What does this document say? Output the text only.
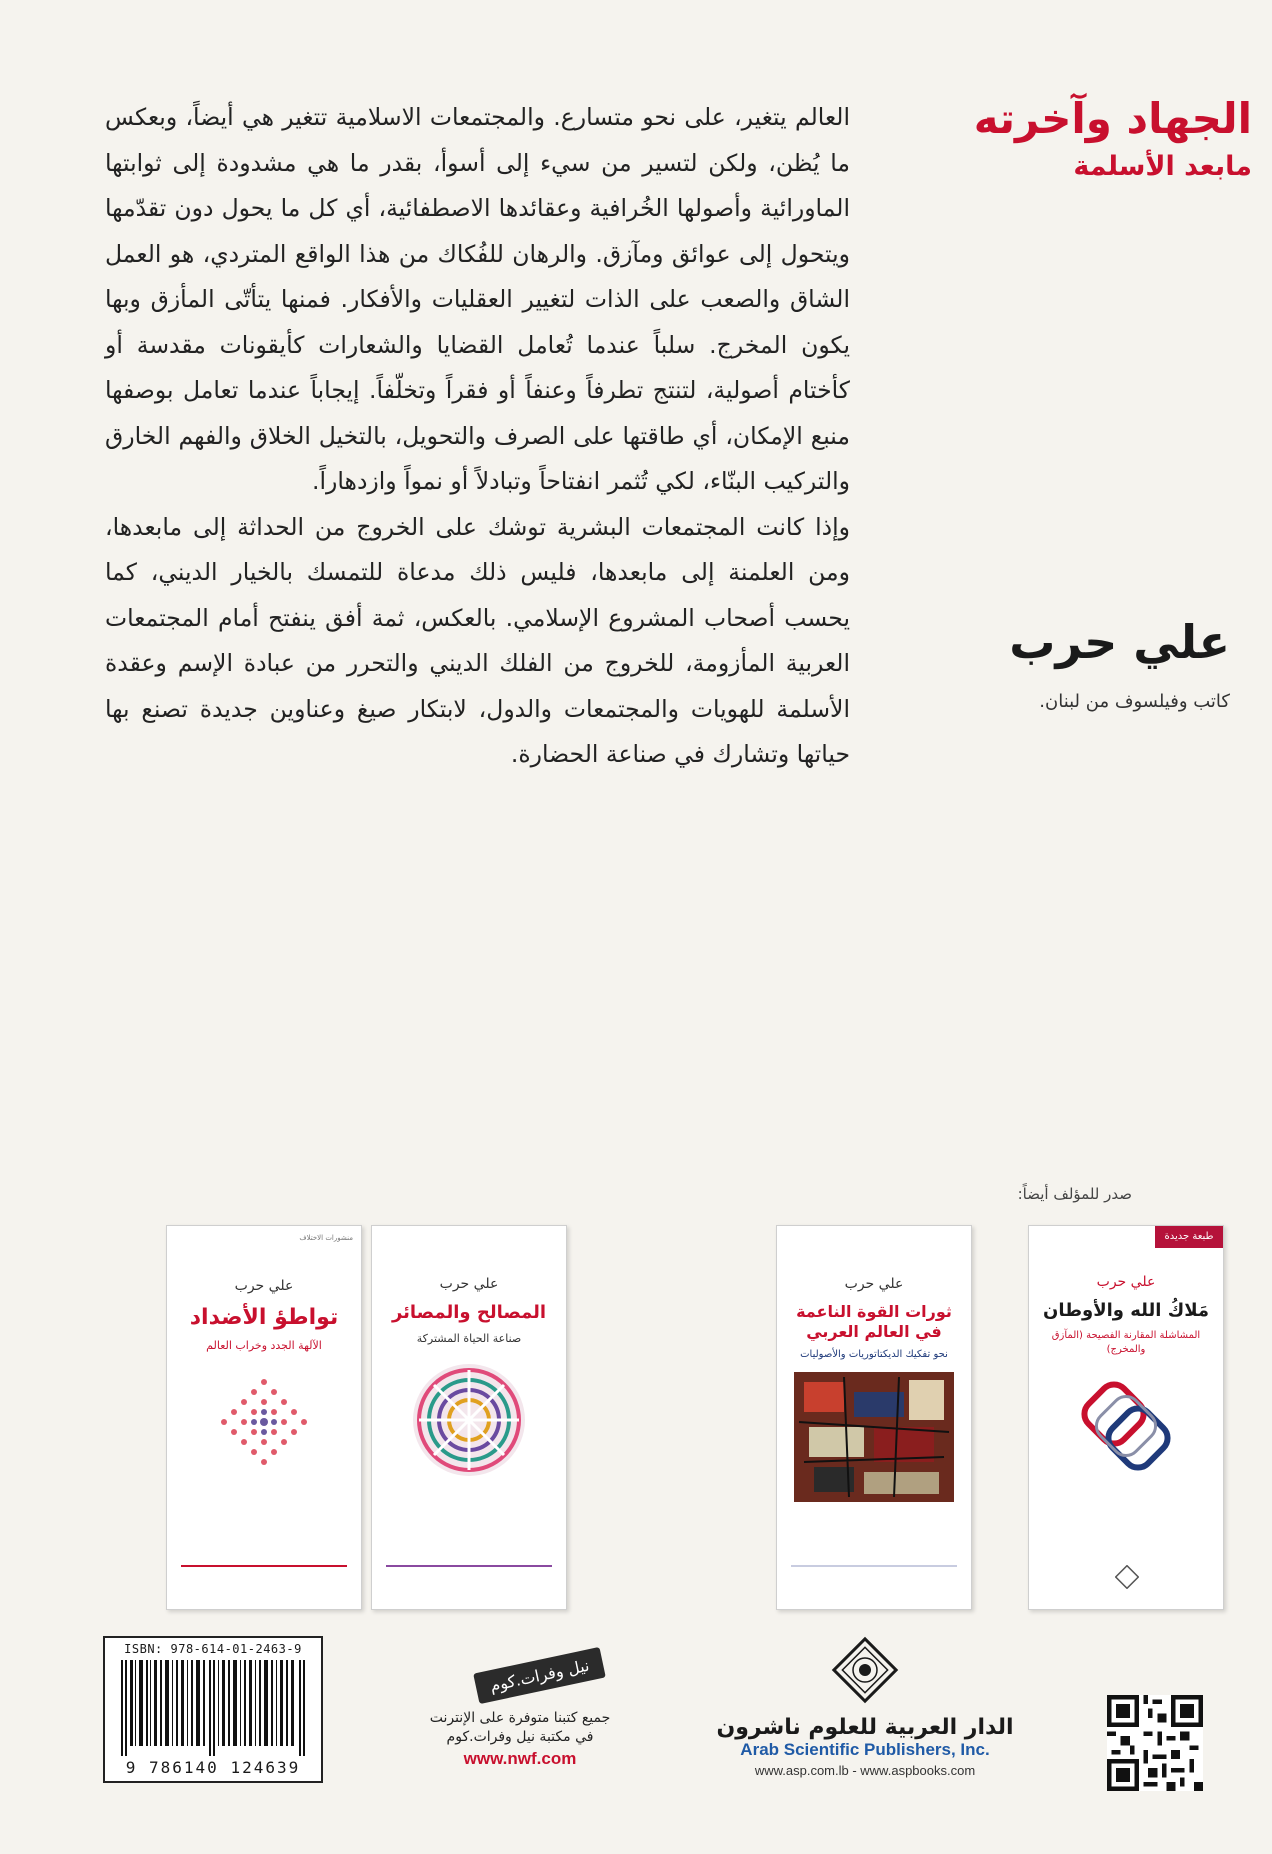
الجهاد وآخرته
مابعد الأسلمة

العالم يتغير، على نحو متسارع. والمجتمعات الاسلامية تتغير هي أيضاً، وبعكس ما يُظن، ولكن لتسير من سيء إلى أسوأ، بقدر ما هي مشدودة إلى ثوابتها الماورائية وأصولها الخُرافية وعقائدها الاصطفائية، أي كل ما يحول دون تقدّمها ويتحول إلى عوائق ومآزق. والرهان للفُكاك من هذا الواقع المتردي، هو العمل الشاق والصعب على الذات لتغيير العقليات والأفكار. فمنها يتأتّى المأزق وبها يكون المخرج. سلباً عندما تُعامل القضايا والشعارات كأيقونات مقدسة أو كأختام أصولية، لتنتج تطرفاً وعنفاً أو فقراً وتخلّفاً. إيجاباً عندما تعامل بوصفها منبع الإمكان، أي طاقتها على الصرف والتحويل، بالتخيل الخلاق والفهم الخارق والتركيب البنّاء، لكي تُثمر انفتاحاً وتبادلاً أو نمواً وازدهاراً.

وإذا كانت المجتمعات البشرية توشك على الخروج من الحداثة إلى مابعدها، ومن العلمنة إلى مابعدها، فليس ذلك مدعاة للتمسك بالخيار الديني، كما يحسب أصحاب المشروع الإسلامي. بالعكس، ثمة أفق ينفتح أمام المجتمعات العربية المأزومة، للخروج من الفلك الديني والتحرر من عبادة الإسم وعقدة الأسلمة للهويات والمجتمعات والدول، لابتكار صيغ وعناوين جديدة تصنع بها حياتها وتشارك في صناعة الحضارة.

علي حرب
كاتب وفيلسوف من لبنان.
صدر للمؤلف أيضاً:
طبعة جديدة
علي حرب
مَلاكُ الله والأوطان
المشاشلة المقارنة الفصيحة (المآزق والمخرج)
علي حرب
ثورات القوة الناعمة في العالم العربي
نحو تفكيك الديكتاتوريات والأصوليات
علي حرب
المصالح والمصائر
صناعة الحياة المشتركة
منشورات الاختلاف
علي حرب
تواطؤ الأضداد
الآلهة الجدد وخراب العالم
الدار العربية للعلوم ناشرون
Arab Scientific Publishers, Inc.
www.asp.com.lb - www.aspbooks.com
نيل وفرات.كوم
جميع كتبنا متوفرة على الإنترنت
في مكتبة نيل وفرات.كوم
www.nwf.com
ISBN: 978-614-01-2463-9
9 786140 124639
